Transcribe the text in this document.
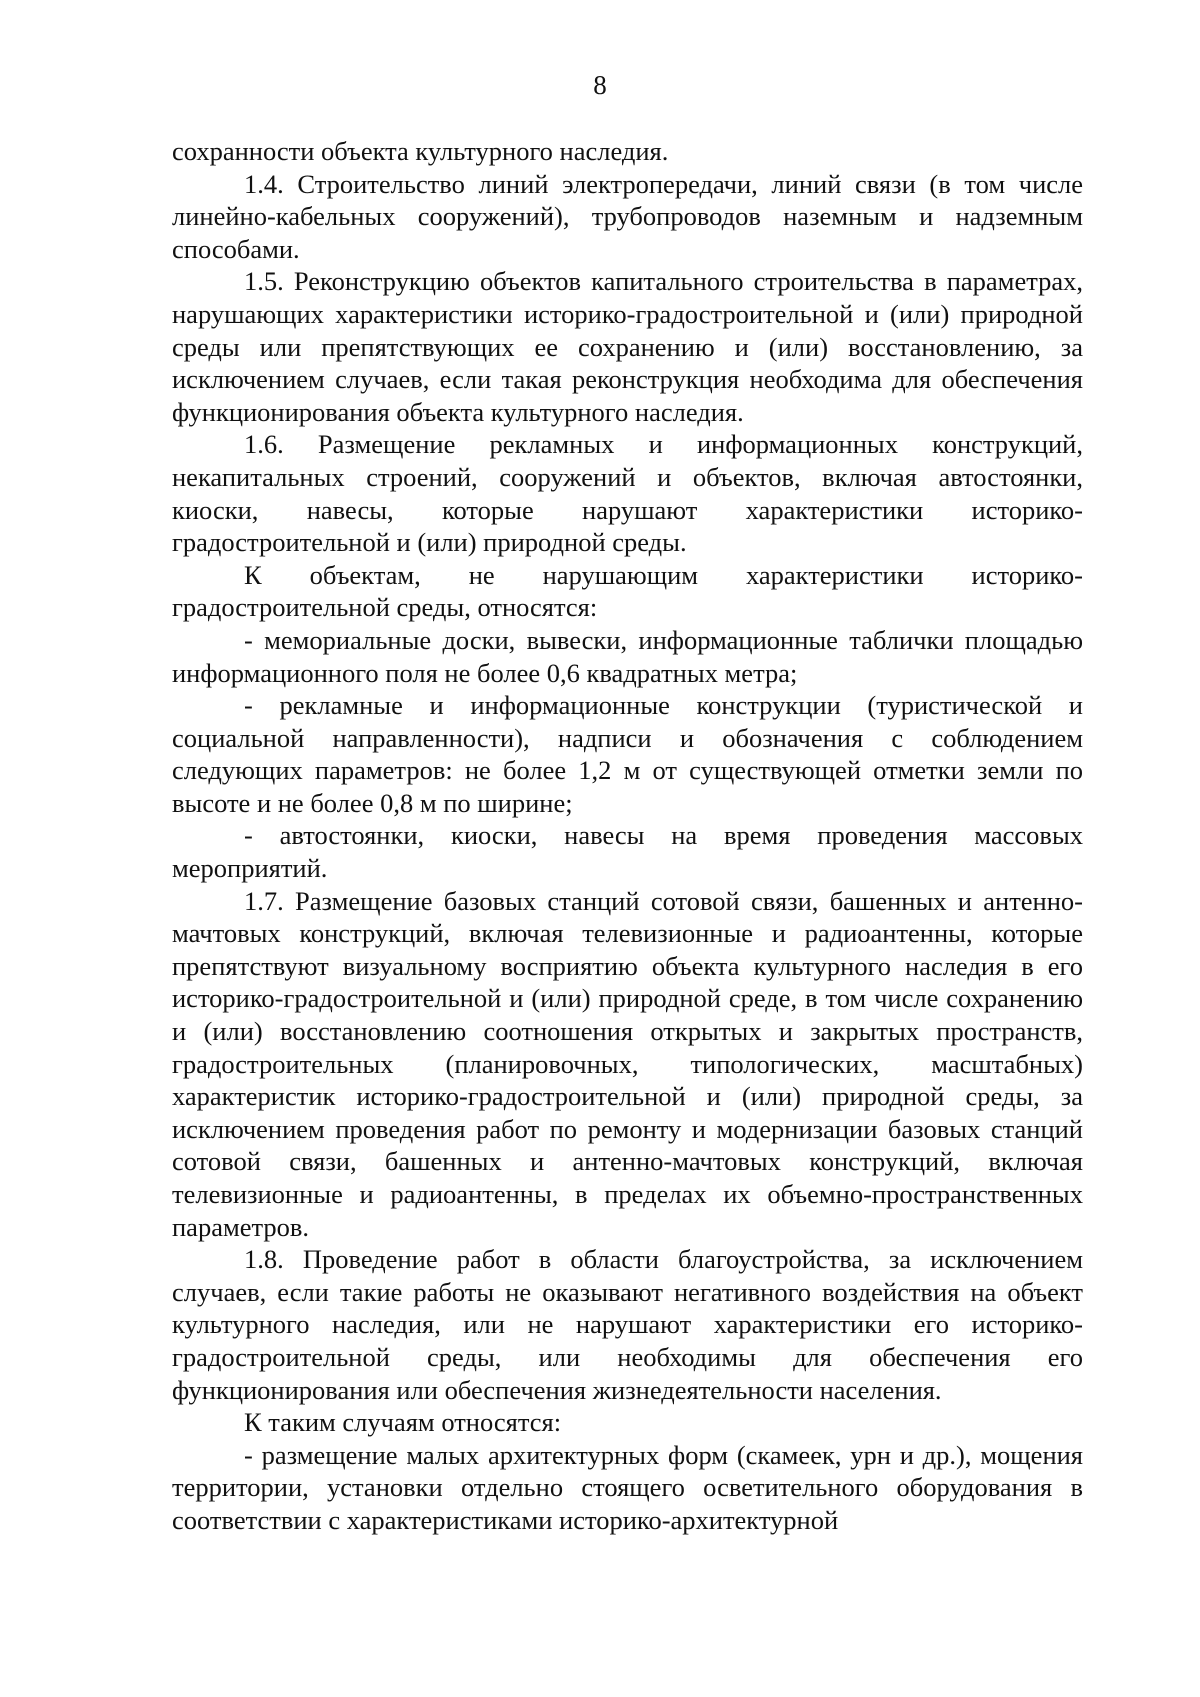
8

сохранности объекта культурного наследия.

1.4. Строительство линий электропередачи, линий связи (в том числе линейно-кабельных сооружений), трубопроводов наземным и надземным способами.

1.5. Реконструкцию объектов капитального строительства в параметрах, нарушающих характеристики историко-градостроительной и (или) природной среды или препятствующих ее сохранению и (или) восстановлению, за исключением случаев, если такая реконструкция необходима для обеспечения функционирования объекта культурного наследия.

1.6. Размещение рекламных и информационных конструкций, некапитальных строений, сооружений и объектов, включая автостоянки, киоски, навесы, которые нарушают характеристики историко-градостроительной и (или) природной среды.

К объектам, не нарушающим характеристики историко-градостроительной среды, относятся:

- мемориальные доски, вывески, информационные таблички площадью информационного поля не более 0,6 квадратных метра;

- рекламные и информационные конструкции (туристической и социальной направленности), надписи и обозначения с соблюдением следующих параметров: не более 1,2 м от существующей отметки земли по высоте и не более 0,8 м по ширине;

- автостоянки, киоски, навесы на время проведения массовых мероприятий.

1.7. Размещение базовых станций сотовой связи, башенных и антенно-мачтовых конструкций, включая телевизионные и радиоантенны, которые препятствуют визуальному восприятию объекта культурного наследия в его историко-градостроительной и (или) природной среде, в том числе сохранению и (или) восстановлению соотношения открытых и закрытых пространств, градостроительных (планировочных, типологических, масштабных) характеристик историко-градостроительной и (или) природной среды, за исключением проведения работ по ремонту и модернизации базовых станций сотовой связи, башенных и антенно-мачтовых конструкций, включая телевизионные и радиоантенны, в пределах их объемно-пространственных параметров.

1.8. Проведение работ в области благоустройства, за исключением случаев, если такие работы не оказывают негативного воздействия на объект культурного наследия, или не нарушают характеристики его историко-градостроительной среды, или необходимы для обеспечения его функционирования или обеспечения жизнедеятельности населения.

К таким случаям относятся:

- размещение малых архитектурных форм (скамеек, урн и др.), мощения территории, установки отдельно стоящего осветительного оборудования в соответствии с характеристиками историко-архитектурной
